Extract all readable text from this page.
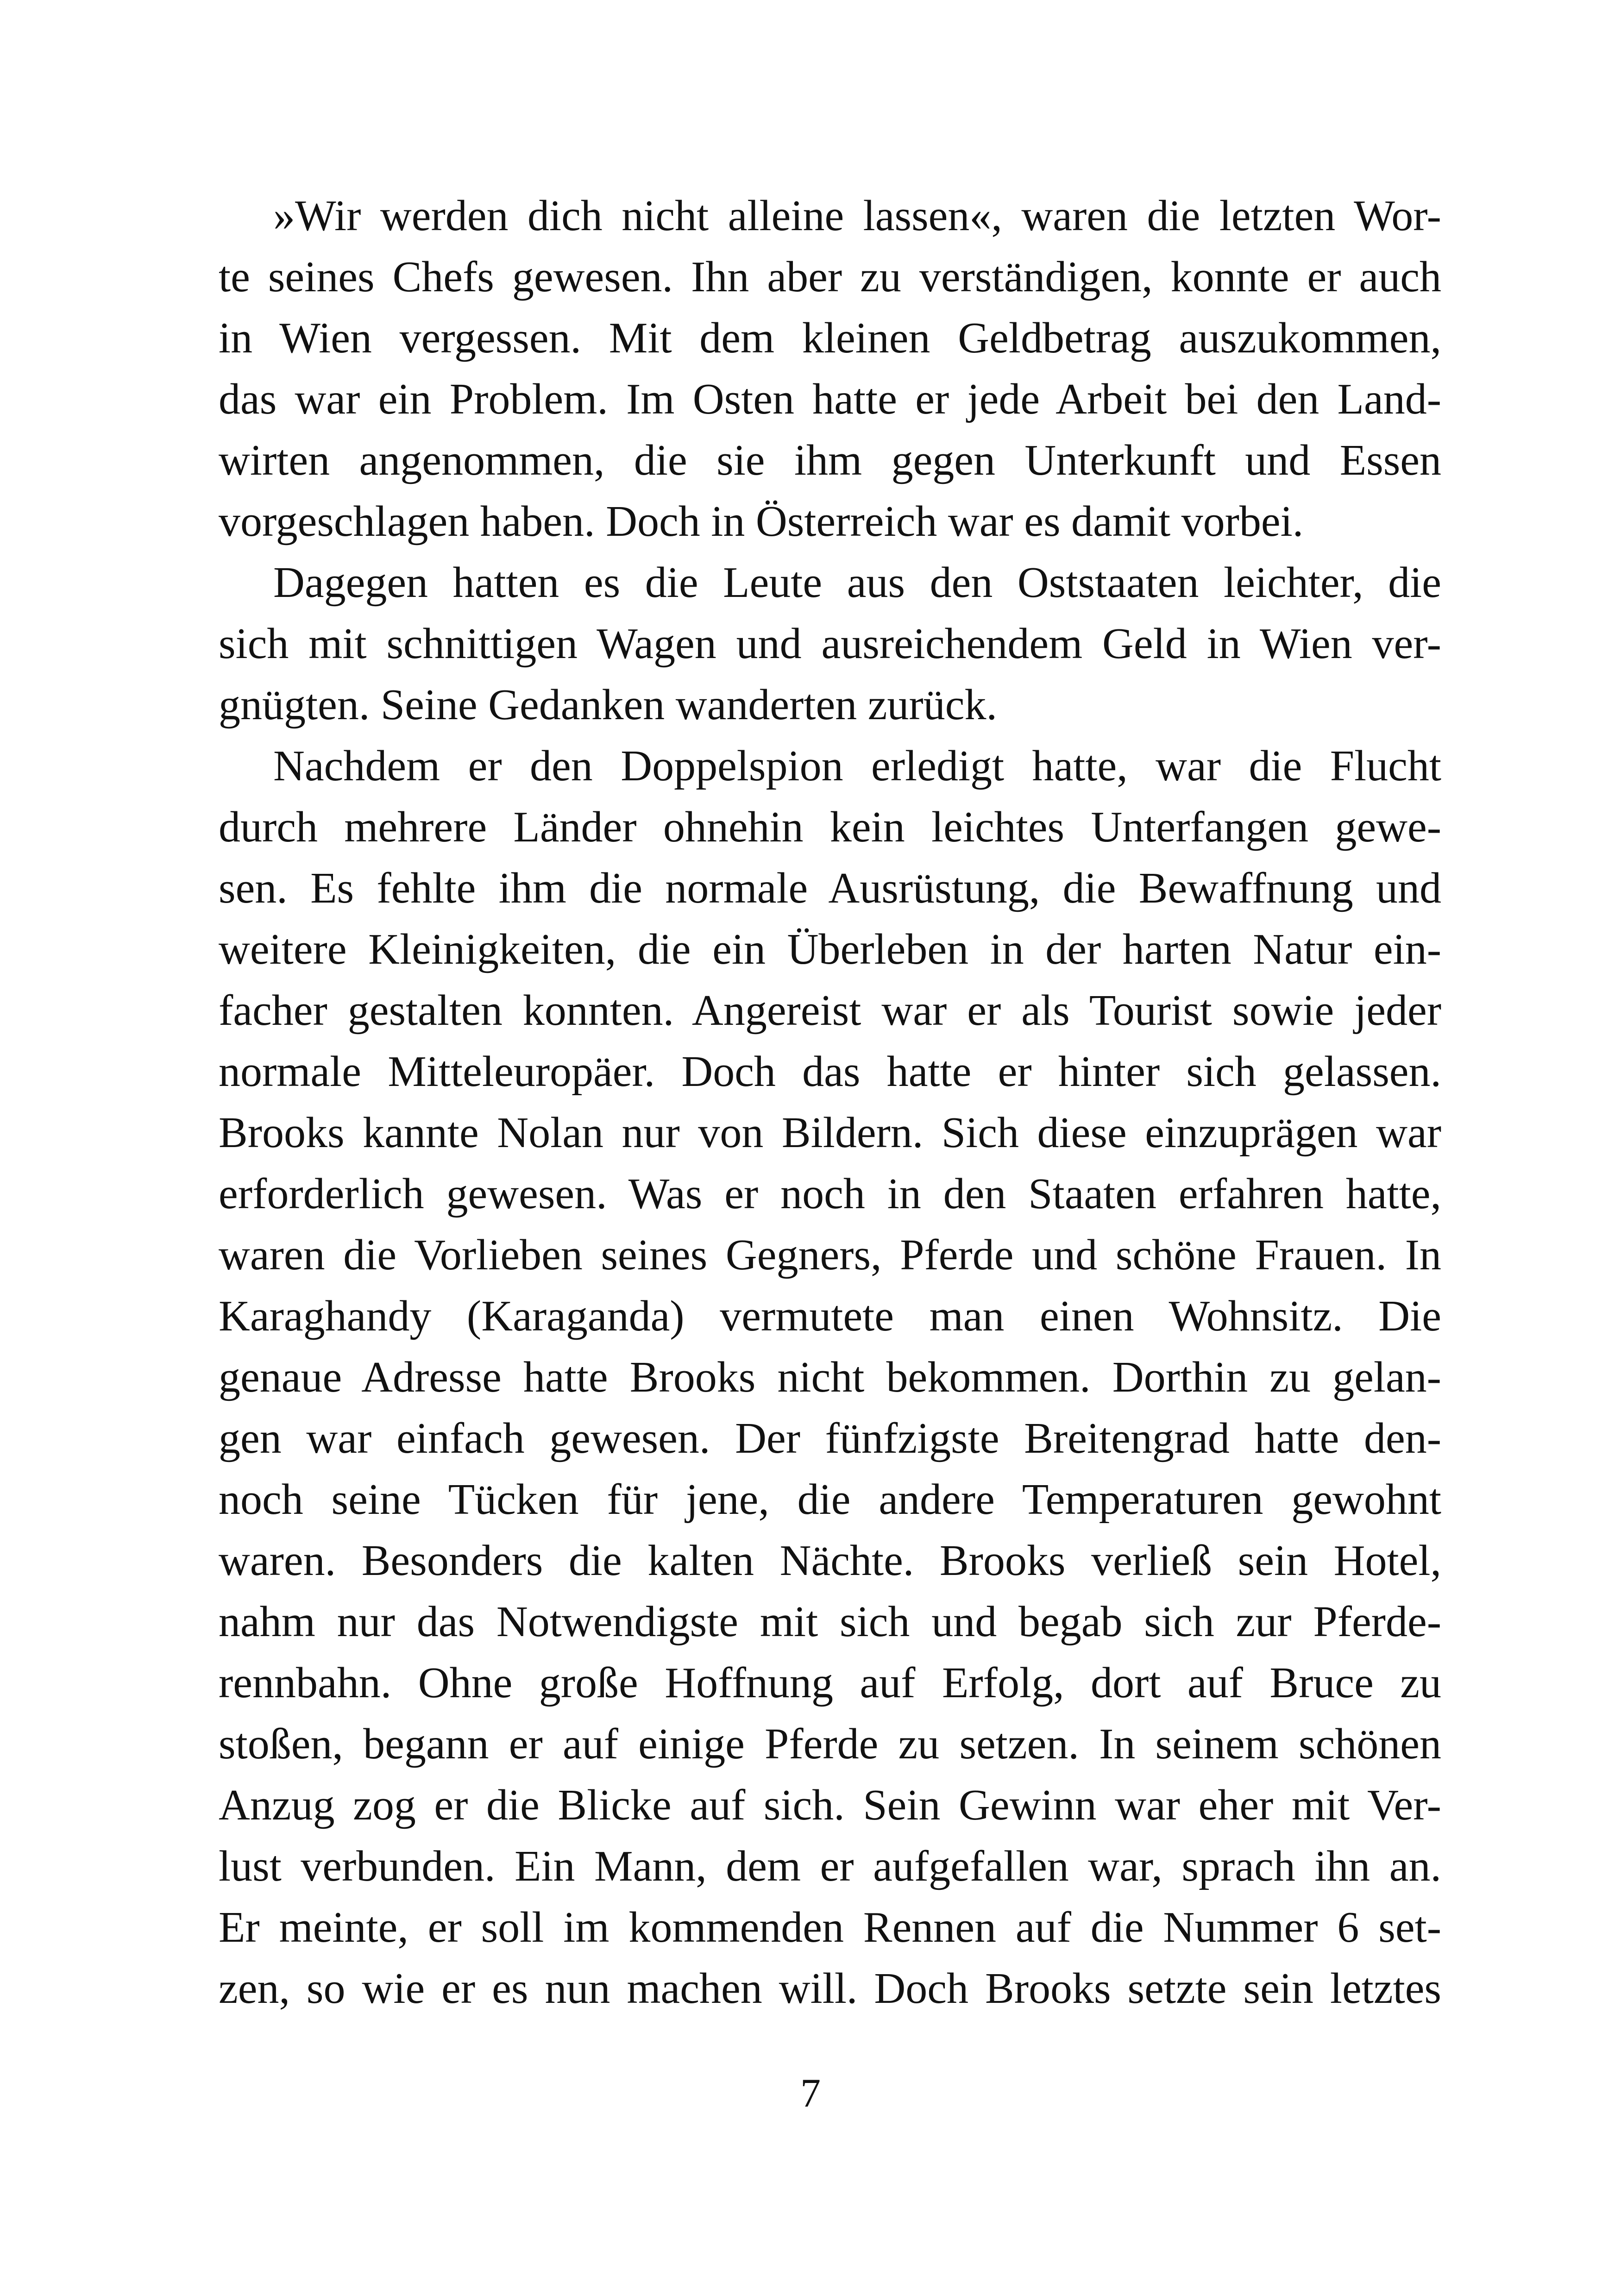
»Wir werden dich nicht alleine lassen«, waren die letzten Wor-
te seines Chefs gewesen. Ihn aber zu verständigen, konnte er auch
in Wien vergessen. Mit dem kleinen Geldbetrag auszukommen,
das war ein Problem. Im Osten hatte er jede Arbeit bei den Land-
wirten angenommen, die sie ihm gegen Unterkunft und Essen
vorgeschlagen haben. Doch in Österreich war es damit vorbei.
Dagegen hatten es die Leute aus den Oststaaten leichter, die
sich mit schnittigen Wagen und ausreichendem Geld in Wien ver-
gnügten. Seine Gedanken wanderten zurück.
Nachdem er den Doppelspion erledigt hatte, war die Flucht
durch mehrere Länder ohnehin kein leichtes Unterfangen gewe-
sen. Es fehlte ihm die normale Ausrüstung, die Bewaffnung und
weitere Kleinigkeiten, die ein Überleben in der harten Natur ein-
facher gestalten konnten. Angereist war er als Tourist sowie jeder
normale Mitteleuropäer. Doch das hatte er hinter sich gelassen.
Brooks kannte Nolan nur von Bildern. Sich diese einzuprägen war
erforderlich gewesen. Was er noch in den Staaten erfahren hatte,
waren die Vorlieben seines Gegners, Pferde und schöne Frauen. In
Karaghandy (Karaganda) vermutete man einen Wohnsitz. Die
genaue Adresse hatte Brooks nicht bekommen. Dorthin zu gelan-
gen war einfach gewesen. Der fünfzigste Breitengrad hatte den-
noch seine Tücken für jene, die andere Temperaturen gewohnt
waren. Besonders die kalten Nächte. Brooks verließ sein Hotel,
nahm nur das Notwendigste mit sich und begab sich zur Pferde-
rennbahn. Ohne große Hoffnung auf Erfolg, dort auf Bruce zu
stoßen, begann er auf einige Pferde zu setzen. In seinem schönen
Anzug zog er die Blicke auf sich. Sein Gewinn war eher mit Ver-
lust verbunden. Ein Mann, dem er aufgefallen war, sprach ihn an.
Er meinte, er soll im kommenden Rennen auf die Nummer 6 set-
zen, so wie er es nun machen will. Doch Brooks setzte sein letztes
7
